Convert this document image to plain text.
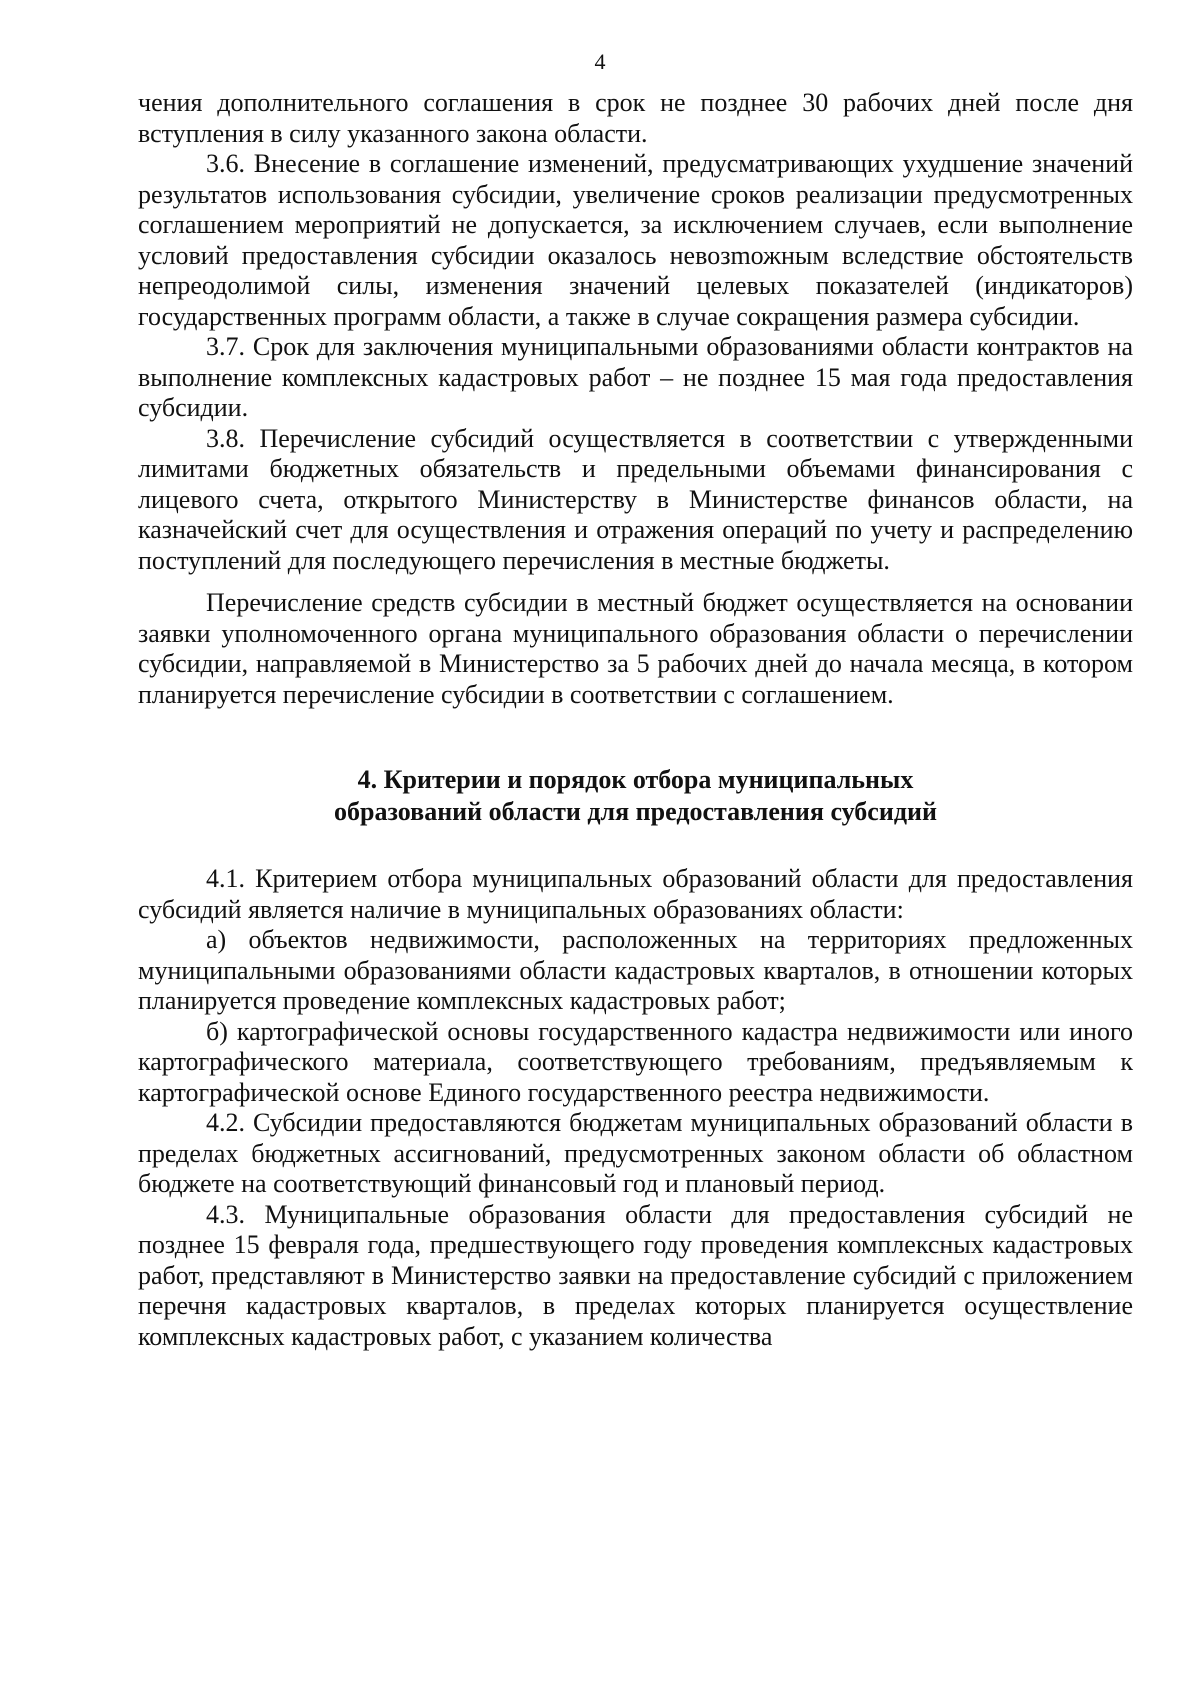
4

чения дополнительного соглашения в срок не позднее 30 рабочих дней после дня вступления в силу указанного закона области.

3.6. Внесение в соглашение изменений, предусматривающих ухудшение значений результатов использования субсидии, увеличение сроков реализации предусмотренных соглашением мероприятий не допускается, за исключением случаев, если выполнение условий предоставления субсидии оказалось невозmожным вследствие обстоятельств непреодолимой силы, изменения значений целевых показателей (индикаторов) государственных программ области, а также в случае сокращения размера субсидии.

3.7. Срок для заключения муниципальными образованиями области контрактов на выполнение комплексных кадастровых работ – не позднее 15 мая года предоставления субсидии.

3.8. Перечисление субсидий осуществляется в соответствии с утвержденными лимитами бюджетных обязательств и предельными объемами финансирования с лицевого счета, открытого Министерству в Министерстве финансов области, на казначейский счет для осуществления и отражения операций по учету и распределению поступлений для последующего перечисления в местные бюджеты.

Перечисление средств субсидии в местный бюджет осуществляется на основании заявки уполномоченного органа муниципального образования области о перечислении субсидии, направляемой в Министерство за 5 рабочих дней до начала месяца, в котором планируется перечисление субсидии в соответствии с соглашением.

4. Критерии и порядок отбора муниципальных
образований области для предоставления субсидий

4.1. Критерием отбора муниципальных образований области для предоставления субсидий является наличие в муниципальных образованиях области:

а) объектов недвижимости, расположенных на территориях предложенных муниципальными образованиями области кадастровых кварталов, в отношении которых планируется проведение комплексных кадастровых работ;

б) картографической основы государственного кадастра недвижимости или иного картографического материала, соответствующего требованиям, предъявляемым к картографической основе Единого государственного реестра недвижимости.

4.2. Субсидии предоставляются бюджетам муниципальных образований области в пределах бюджетных ассигнований, предусмотренных законом области об областном бюджете на соответствующий финансовый год и плановый период.

4.3. Муниципальные образования области для предоставления субсидий не позднее 15 февраля года, предшествующего году проведения комплексных кадастровых работ, представляют в Министерство заявки на предоставление субсидий с приложением перечня кадастровых кварталов, в пределах которых планируется осуществление комплексных кадастровых работ, с указанием количества
